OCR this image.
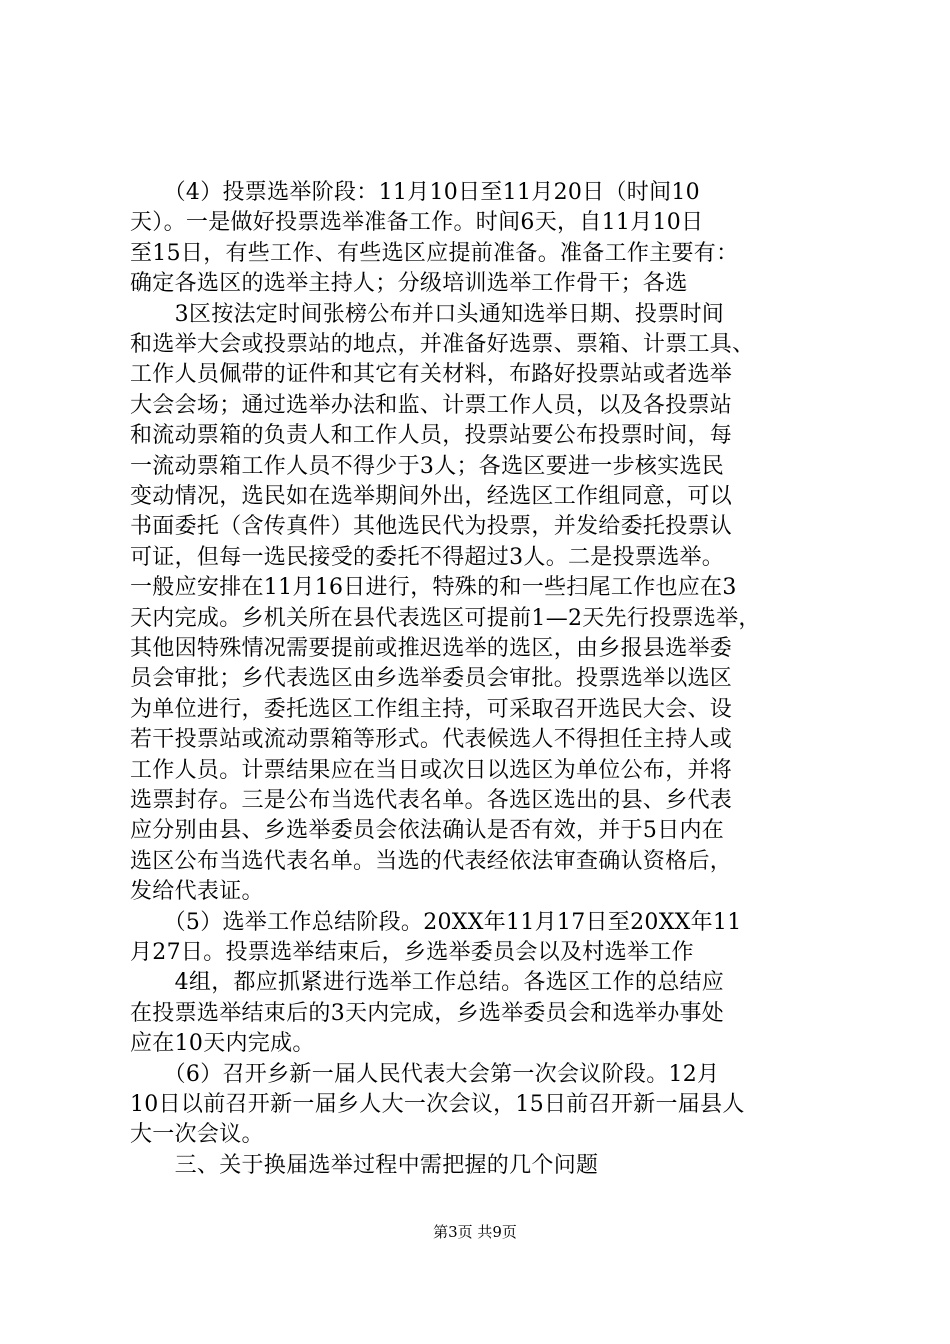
　　（4）投票选举阶段：11月10日至11月20日（时间10
天）。一是做好投票选举准备工作。时间6天，自11月10日
至15日，有些工作、有些选区应提前准备。准备工作主要有：
确定各选区的选举主持人；分级培训选举工作骨干；各选
　　3区按法定时间张榜公布并口头通知选举日期、投票时间
和选举大会或投票站的地点，并准备好选票、票箱、计票工具、
工作人员佩带的证件和其它有关材料，布路好投票站或者选举
大会会场；通过选举办法和监、计票工作人员，以及各投票站
和流动票箱的负责人和工作人员，投票站要公布投票时间，每
一流动票箱工作人员不得少于3人；各选区要进一步核实选民
变动情况，选民如在选举期间外出，经选区工作组同意，可以
书面委托（含传真件）其他选民代为投票，并发给委托投票认
可证，但每一选民接受的委托不得超过3人。二是投票选举。
一般应安排在11月16日进行，特殊的和一些扫尾工作也应在3
天内完成。乡机关所在县代表选区可提前1—2天先行投票选举，
其他因特殊情况需要提前或推迟选举的选区，由乡报县选举委
员会审批；乡代表选区由乡选举委员会审批。投票选举以选区
为单位进行，委托选区工作组主持，可采取召开选民大会、设
若干投票站或流动票箱等形式。代表候选人不得担任主持人或
工作人员。计票结果应在当日或次日以选区为单位公布，并将
选票封存。三是公布当选代表名单。各选区选出的县、乡代表
应分别由县、乡选举委员会依法确认是否有效，并于5日内在
选区公布当选代表名单。当选的代表经依法审查确认资格后，
发给代表证。
　　（5）选举工作总结阶段。20XX年11月17日至20XX年11
月27日。投票选举结束后，乡选举委员会以及村选举工作
　　4组，都应抓紧进行选举工作总结。各选区工作的总结应
在投票选举结束后的3天内完成，乡选举委员会和选举办事处
应在10天内完成。
　　（6）召开乡新一届人民代表大会第一次会议阶段。12月
10日以前召开新一届乡人大一次会议，15日前召开新一届县人
大一次会议。
　　三、关于换届选举过程中需把握的几个问题
第3页 共9页
